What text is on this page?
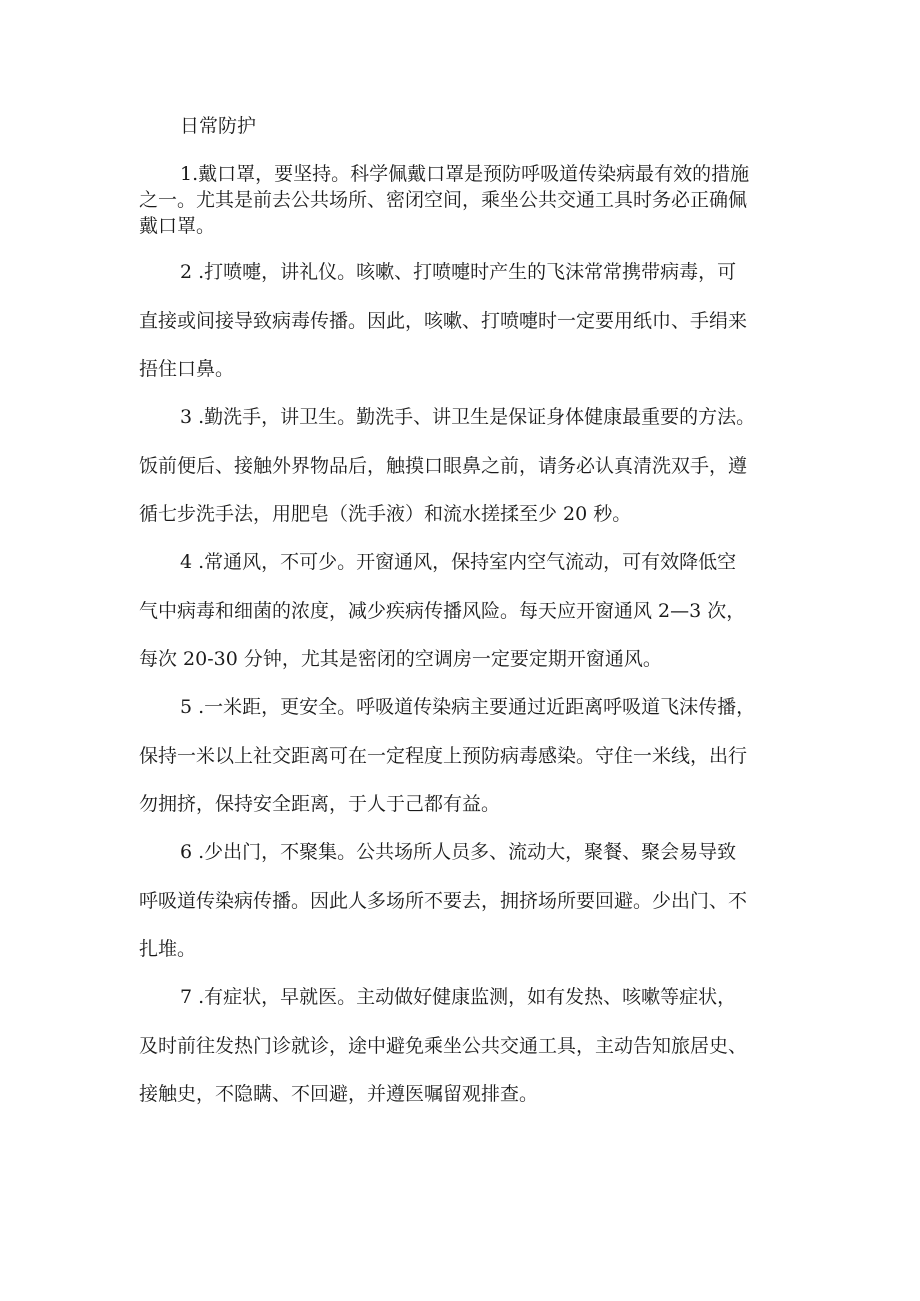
日常防护

1.戴口罩，要坚持。科学佩戴口罩是预防呼吸道传染病最有效的措施

之一。尤其是前去公共场所、密闭空间，乘坐公共交通工具时务必正确佩

戴口罩。

2 .打喷嚏，讲礼仪。咳嗽、打喷嚏时产生的飞沫常常携带病毒，可

直接或间接导致病毒传播。因此，咳嗽、打喷嚏时一定要用纸巾、手绢来

捂住口鼻。

3 .勤洗手，讲卫生。勤洗手、讲卫生是保证身体健康最重要的方法。

饭前便后、接触外界物品后，触摸口眼鼻之前，请务必认真清洗双手，遵

循七步洗手法，用肥皂（洗手液）和流水搓揉至少 20 秒。

4 .常通风，不可少。开窗通风，保持室内空气流动，可有效降低空

气中病毒和细菌的浓度，减少疾病传播风险。每天应开窗通风 2—3 次，

每次 20-30 分钟，尤其是密闭的空调房一定要定期开窗通风。

5 .一米距，更安全。呼吸道传染病主要通过近距离呼吸道飞沫传播，

保持一米以上社交距离可在一定程度上预防病毒感染。守住一米线，出行

勿拥挤，保持安全距离，于人于己都有益。

6 .少出门，不聚集。公共场所人员多、流动大，聚餐、聚会易导致

呼吸道传染病传播。因此人多场所不要去，拥挤场所要回避。少出门、不

扎堆。

7 .有症状，早就医。主动做好健康监测，如有发热、咳嗽等症状，

及时前往发热门诊就诊，途中避免乘坐公共交通工具，主动告知旅居史、

接触史，不隐瞒、不回避，并遵医嘱留观排查。
